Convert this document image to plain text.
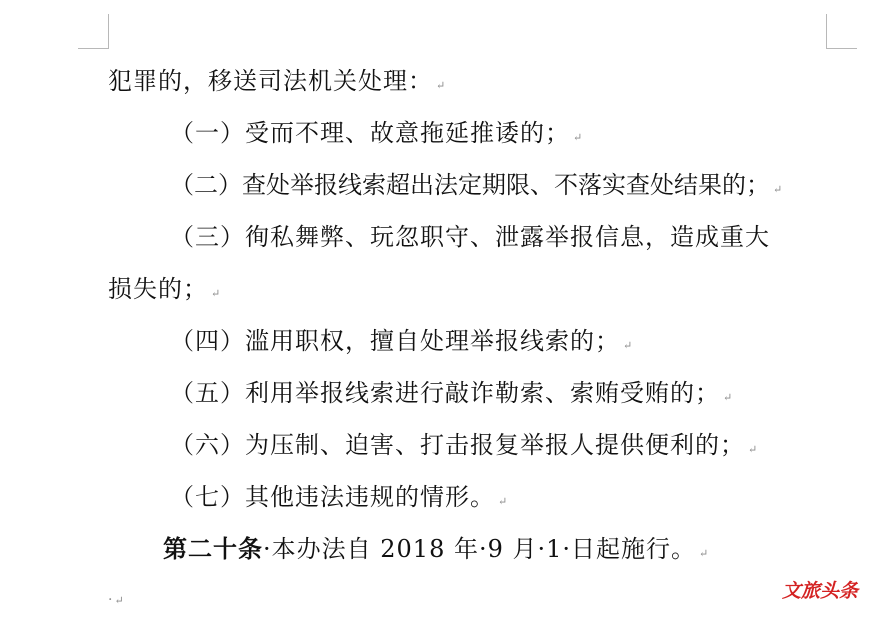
犯罪的，移送司法机关处理： ↵
（一）受而不理、故意拖延推诿的； ↵
（二）查处举报线索超出法定期限、不落实查处结果的； ↵
（三）徇私舞弊、玩忽职守、泄露举报信息，造成重大
损失的； ↵
（四）滥用职权，擅自处理举报线索的； ↵
（五）利用举报线索进行敲诈勒索、索贿受贿的； ↵
（六）为压制、迫害、打击报复举报人提供便利的； ↵
（七）其他违法违规的情形。 ↵
第二十条·本办法自 2018 年·9 月·1·日起施行。 ↵
·↵	文旅头条
